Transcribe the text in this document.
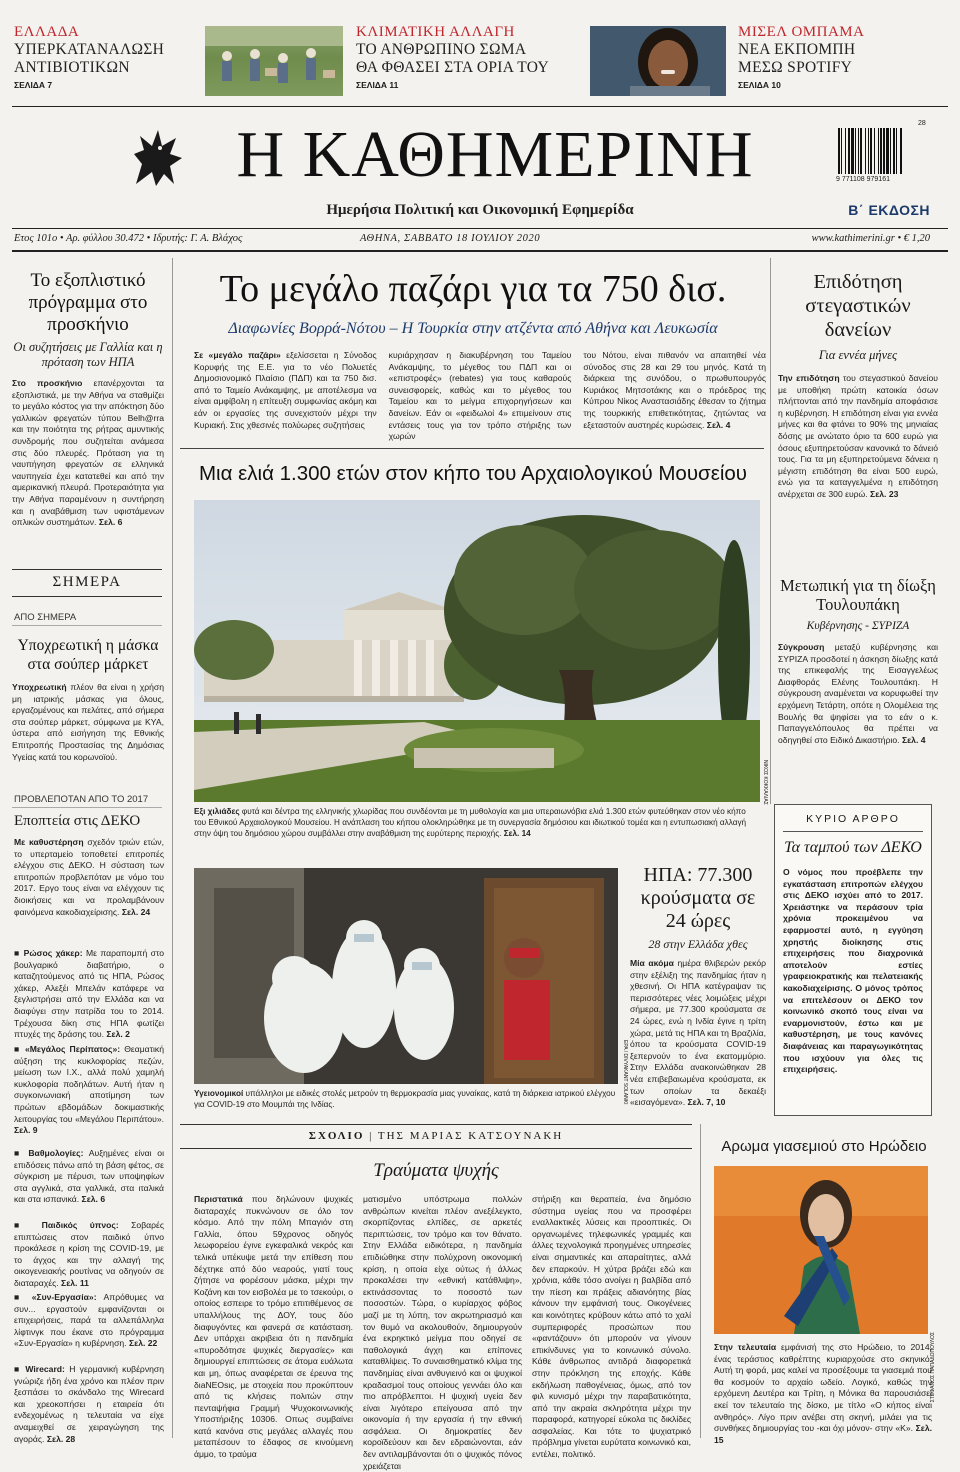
ΕΛΛΑΔΑ
ΥΠΕΡΚΑΤΑΝΑΛΩΣΗ
ΑΝΤΙΒΙΟΤΙΚΩΝ
ΣΕΛΙΔΑ 7
ΚΛΙΜΑΤΙΚΗ ΑΛΛΑΓΗ
ΤΟ ΑΝΘΡΩΠΙΝΟ ΣΩΜΑ
ΘΑ ΦΘΑΣΕΙ ΣΤΑ ΟΡΙΑ ΤΟΥ
ΣΕΛΙΔΑ 11
ΜΙΣΕΛ ΟΜΠΑΜΑ
ΝΕΑ ΕΚΠΟΜΠΗ
ΜΕΣΩ SPOTIFY
ΣΕΛΙΔΑ 10
Η ΚΑΘΗΜΕΡΙΝΗ
Ημερήσια Πολιτική και Οικονομική Εφημερίδα
9 771108 979161
28
Β΄ ΕΚΔΟΣΗ
Ετος 101ο • Αρ. φύλλου 30.472 • Ιδρυτής: Γ. Α. Βλάχος	ΑΘΗΝΑ, ΣΑΒΒΑΤΟ 18 ΙΟΥΛΙΟΥ 2020	www.kathimerini.gr • € 1,20
Το εξοπλιστικό πρόγραμμα στο προσκήνιο
Οι συζητήσεις με Γαλλία και η πρόταση των ΗΠΑ
Στο προσκήνιο επανέρχονται τα εξοπλιστικά, με την Αθήνα να σταθμίζει το μεγάλο κόστος για την απόκτηση δύο γαλλικών φρεγατών τύπου Belh@rra και την ποιότητα της ρήτρας αμυντικής συνδρομής που συζητείται ανάμεσα στις δύο πλευρές. Πρόταση για τη ναυπήγηση φρεγατών σε ελληνικά ναυπηγεία έχει κατατεθεί και από την αμερικανική πλευρά. Προτεραιότητα για την Αθήνα παραμένουν η συντήρηση και η αναβάθμιση των υφιστάμενων οπλικών συστημάτων. Σελ. 6
ΣΗΜΕΡΑ
ΑΠΟ ΣΗΜΕΡΑ
Υποχρεωτική η μάσκα στα σούπερ μάρκετ
Υποχρεωτική πλέον θα είναι η χρήση μη ιατρικής μάσκας για όλους, εργαζομένους και πελάτες, από σήμερα στα σούπερ μάρκετ, σύμφωνα με ΚΥΑ, ύστερα από εισήγηση της Εθνικής Επιτροπής Προστασίας της Δημόσιας Υγείας κατά του κορωνοϊού.
ΠΡΟΒΛΕΠΟΤΑΝ ΑΠΟ ΤΟ 2017
Εποπτεία στις ΔΕΚΟ
Με καθυστέρηση σχεδόν τριών ετών, το υπερταμείο τοποθετεί επιτροπές ελέγχου στις ΔΕΚΟ. Η σύσταση των επιτροπών προβλεπόταν με νόμο του 2017. Εργο τους είναι να ελέγχουν τις διοικήσεις και να προλαμβάνουν φαινόμενα κακοδιαχείρισης. Σελ. 24
■ Ρώσος χάκερ: Με παραπομπή στο βουλγαρικό διαβατήριο, ο καταζητούμενος από τις ΗΠΑ, Ρώσος χάκερ, Αλεξέι Μπελάν κατάφερε να ξεγλιστρήσει από την Ελλάδα και να διαφύγει στην πατρίδα του το 2014. Τρέχουσα δίκη στις ΗΠΑ φωτίζει πτυχές της δράσης του. Σελ. 2
■ «Μεγάλος Περίπατος»: Θεαματική αύξηση της κυκλοφορίας πεζών, μείωση των Ι.Χ., αλλά πολύ χαμηλή κυκλοφορία ποδηλάτων. Αυτή ήταν η συγκοινωνιακή αποτίμηση των πρώτων εβδομάδων δοκιμαστικής λειτουργίας του «Μεγάλου Περιπάτου». Σελ. 9
■ Βαθμολογίες: Αυξημένες είναι οι επιδόσεις πάνω από τη βάση φέτος, σε σύγκριση με πέρυσι, των υποψηφίων στα αγγλικά, στα γαλλικά, στα ιταλικά και στα ισπανικά. Σελ. 6
■ Παιδικός ύπνος: Σοβαρές επιπτώσεις στον παιδικό ύπνο προκάλεσε η κρίση της COVID-19, με το άγχος και την αλλαγή της οικογενειακής ρουτίνας να οδηγούν σε διαταραχές. Σελ. 11
■ «Συν-Εργασία»: Απρόθυμες να συν... εργαστούν εμφανίζονται οι επιχειρήσεις, παρά τα αλλεπάλληλα λίφτινγκ που έκανε στο πρόγραμμα «Συν-Εργασία» η κυβέρνηση. Σελ. 22
■ Wirecard: Η γερμανική κυβέρνηση γνώριζε ήδη ένα χρόνο και πλέον πριν ξεσπάσει το σκάνδαλο της Wirecard και χρεοκοπήσει η εταιρεία ότι ενδεχομένως η τελευταία να είχε αναμειχθεί σε χειραγώγηση της αγοράς. Σελ. 28
Το μεγάλο παζάρι για τα 750 δισ.
Διαφωνίες Βορρά-Νότου – Η Τουρκία στην ατζέντα από Αθήνα και Λευκωσία
Σε «μεγάλο παζάρι» εξελίσσεται η Σύνοδος Κορυφής της Ε.Ε. για το νέο Πολυετές Δημοσιονομικό Πλαίσιο (ΠΔΠ) και τα 750 δισ. από το Ταμείο Ανάκαμψης, με αποτέλεσμα να είναι αμφίβολη η επίτευξη συμφωνίας ακόμη και εάν οι εργασίες της συνεχιστούν μέχρι την Κυριακή. Στις χθεσινές πολύωρες συζητήσεις
κυριάρχησαν η διακυβέρνηση του Ταμείου Ανάκαμψης, το μέγεθος του ΠΔΠ και οι «επιστροφές» (rebates) για τους καθαρούς συνεισφορείς, καθώς και το μέγεθος του Ταμείου και το μείγμα επιχορηγήσεων και δανείων. Εάν οι «φειδωλοί 4» επιμείνουν στις εντάσεις τους για τον τρόπο στήριξης των χωρών
του Νότου, είναι πιθανόν να απαιτηθεί νέα σύνοδος στις 28 και 29 του μηνός. Κατά τη διάρκεια της συνόδου, ο πρωθυπουργός Κυριάκος Μητσοτάκης και ο πρόεδρος της Κύπρου Νίκος Αναστασιάδης έθεσαν το ζήτημα της τουρκικής επιθετικότητας, ζητώντας να εξεταστούν αυστηρές κυρώσεις. Σελ. 4
Μια ελιά 1.300 ετών στον κήπο του Αρχαιολογικού Μουσείου
ΝΙΚΟΣ ΚΟΚΚΑΛΙΑΣ
Εξι χιλιάδες φυτά και δέντρα της ελληνικής χλωρίδας που συνδέονται με τη μυθολογία και μια υπεραιωνόβια ελιά 1.300 ετών φυτεύθηκαν στον νέο κήπο του Εθνικού Αρχαιολογικού Μουσείου. Η ανάπλαση του κήπου ολοκληρώθηκε με τη συνεργασία δημόσιου και ιδιωτικού τομέα και η εντυπωσιακή αλλαγή στην όψη του δημόσιου χώρου συμβάλλει στην αναβάθμιση της ευρύτερης περιοχής. Σελ. 14
EPA / DIVYAKANT SOLANKI
Υγειονομικοί υπάλληλοι με ειδικές στολές μετρούν τη θερμοκρασία μιας γυναίκας, κατά τη διάρκεια ιατρικού ελέγχου για COVID-19 στο Μουμπάι της Ινδίας.
ΗΠΑ: 77.300 κρούσματα σε 24 ώρες
28 στην Ελλάδα χθες
Μία ακόμα ημέρα θλιβερών ρεκόρ στην εξέλιξη της πανδημίας ήταν η χθεσινή. Οι ΗΠΑ κατέγραψαν τις περισσότερες νέες λοιμώξεις μέχρι σήμερα, με 77.300 κρούσματα σε 24 ώρες, ενώ η Ινδία έγινε η τρίτη χώρα, μετά τις ΗΠΑ και τη Βραζιλία, όπου τα κρούσματα COVID-19 ξεπερνούν το ένα εκατομμύριο. Στην Ελλάδα ανακοινώθηκαν 28 νέα επιβεβαιωμένα κρούσματα, εκ των οποίων τα δεκαέξι «εισαγόμενα». Σελ. 7, 10
ΣΧΟΛΙΟ | ΤΗΣ ΜΑΡΙΑΣ ΚΑΤΣΟΥΝΑΚΗ
Τραύματα ψυχής
Περιστατικά που δηλώνουν ψυχικές διαταραχές πυκνώνουν σε όλο τον κόσμο. Από την πόλη Μπαγιόν στη Γαλλία, όπου 59χρονος οδηγός λεωφορείου έγινε εγκεφαλικά νεκρός και τελικά υπέκυψε μετά την επίθεση που δέχτηκε από δύο νεαρούς, γιατί τους ζήτησε να φορέσουν μάσκα, μέχρι την Κοζάνη και τον εισβολέα με το τσεκούρι, ο οποίος εσπειρε το τρόμο επιτιθέμενος σε υπαλλήλους της ΔΟΥ, τους δύο διαφυγόντες και φανερά σε κατάσταση. Δεν υπάρχει ακριβεια ότι η πανδημία «πυροδότησε ψυχικές διεργασίες» και δημιουργεί επιπτώσεις σε άτομα ευάλωτα και μη, όπως αναφέρεται σε έρευνα της διaNEOsις, με στοιχεία που προκύπτουν από τις κλήσεις πολιτών στην πενταψήφια Γραμμή Ψυχοκοινωνικής Υποστήριξης 10306. Οπως συμβαίνει κατά κανόνα στις μεγάλες αλλαγές που μεταπέσουν το έδαφος σε κινούμενη άμμο, το τραύμα
ματισμένο υπόστρωμα πολλών ανθρώπων κινείται πλέον ανεξέλεγκτο, σκορπίζοντας ελπίδες, σε αρκετές περιπτώσεις, τον τρόμο και τον θάνατο. Στην Ελλάδα ειδικότερα, η πανδημία επιδιώθηκε στην πολύχρονη οικονομική κρίση, η οποία είχε ούτως ή άλλως προκαλέσει την «εθνική κατάθλιψη», εκτινάσσοντας το ποσοστό των ποσοστών. Τώρα, ο κυρίαρχος φόβος μαζί με τη λύπη, τον ακρωτηριασμό και τον θυμό να ακολουθούν, δημιουργούν ένα εκρηκτικό μείγμα που οδηγεί σε παθολογικά άγχη και επίπονες καταθλίψεις. Το συναισθηματικό κλίμα της πανδημίας είναι ανθυγιεινό και οι ψυχικοί κραδασμοί τους οποίους γεννάει όλο και πιο απρόβλεπτοι. Η ψυχική υγεία δεν είναι λιγότερο επείγουσα από την οικονομία ή την εργασία ή την εθνική ασφάλεια. Οι δημοκρατίες δεν κοροϊδεύουν και δεν εδραιώνονται, εάν δεν αντιλαμβάνονται ότι ο ψυχικός πόνος χρειάζεται
στήριξη και θεραπεία, ένα δημόσιο σύστημα υγείας που να προσφέρει εναλλακτικές λύσεις και προοπτικές. Οι οργανωμένες τηλεφωνικές γραμμές και άλλες τεχνολογικά προηγμένες υπηρεσίες είναι σημαντικές και απαραίτητες, αλλά δεν επαρκούν. Η χύτρα βράζει εδώ και χρόνια, κάθε τόσο ανοίγει η βαλβίδα από την πίεση και πράξεις αδιανόητης βίας κάνουν την εμφάνισή τους. Οικογένειες και κοινότητες κρύβουν κάτω από το χαλί συμπεριφορές προσώπων που «φαντάζουν» ότι μπορούν να γίνουν επικίνδυνες για το κοινωνικό σύνολο. Κάθε άνθρωπος αντιδρά διαφορετικά στην πρόκληση της εποχής. Κάθε εκδήλωση παθογένειας, όμως, από τον φιλ κυνισμό μέχρι την παραβατικότητα, από την ακραία σκληρότητα μέχρι την παραφορά, κατηγορεί εύκολα τις δικλίδες ασφαλείας. Και τότε το ψυχιατρικό πρόβλημα γίνεται ευρύτατα κοινωνικό και, εντέλει, πολιτικό.
Επιδότηση στεγαστικών δανείων
Για εννέα μήνες
Την επιδότηση του στεγαστικού δανείου με υποθήκη πρώτη κατοικία όσων πλήττονται από την πανδημία αποφάσισε η κυβέρνηση. Η επιδότηση είναι για εννέα μήνες και θα φτάνει το 90% της μηνιαίας δόσης με ανώτατο όριο τα 600 ευρώ για όσους εξυπηρετούσαν κανονικά το δάνειό τους. Για τα μη εξυπηρετούμενα δάνεια η μέγιστη επιδότηση θα είναι 500 ευρώ, ενώ για τα καταγγελμένα η επιδότηση ανέρχεται σε 300 ευρώ. Σελ. 23
Μετωπική για τη δίωξη Τουλουπάκη
Κυβέρνησης - ΣΥΡΙΖΑ
Σύγκρουση μεταξύ κυβέρνησης και ΣΥΡΙΖΑ προσδοτεί η άσκηση δίωξης κατά της επικεφαλής της Εισαγγελέως Διαφθοράς Ελένης Τουλουπάκη. Η σύγκρουση αναμένεται να κορυφωθεί την ερχόμενη Τετάρτη, οπότε η Ολομέλεια της Βουλής θα ψηφίσει για το εάν ο κ. Παπαγγελόπουλος θα πρέπει να οδηγηθεί στο Ειδικό Δικαστήριο. Σελ. 4
ΚΥΡΙΟ ΑΡΘΡΟ
Τα ταμπού των ΔΕΚΟ
Ο νόμος που προέβλεπε την εγκατάσταση επιτροπών ελέγχου στις ΔΕΚΟ ισχύει από το 2017. Χρειάστηκε να περάσουν τρία χρόνια προκειμένου να εφαρμοστεί αυτό, η εγγύηση χρηστής διοίκησης στις επιχειρήσεις που διαχρονικά αποτελούν εστίες γραφειοκρατικής και πελατειακής κακοδιαχείρισης. Ο μόνος τρόπος να επιτελέσουν οι ΔΕΚΟ τον κοινωνικό σκοπό τους είναι να εναρμονιστούν, έστω και με καθυστέρηση, με τους κανόνες διαφάνειας και παραγωγικότητας που ισχύουν για όλες τις επιχειρήσεις.
Αρωμα γιασεμιού στο Ηρώδειο
ΣΤΕΦΑΝΟΣ ΠΑΠΑΔΟΠΟΥΛΟΣ
Στην τελευταία εμφάνισή της στο Ηρώδειο, το 2014, ένας τεράστιος καθρέπτης κυριαρχούσε στο σκηνικό. Αυτή τη φορά, μας καλεί να προσέξουμε τα γιασεμιά που θα κοσμούν το αρχαίο ωδείο. Λογικό, καθώς την ερχόμενη Δευτέρα και Τρίτη, η Μόνικα θα παρουσιάσει εκεί τον τελευταίο της δίσκο, με τίτλο «Ο κήπος είναι ανθηρός». Λίγο πριν ανέβει στη σκηνή, μιλάει για τις συνθήκες δημιουργίας του -και όχι μόνον- στην «Κ». Σελ. 15
